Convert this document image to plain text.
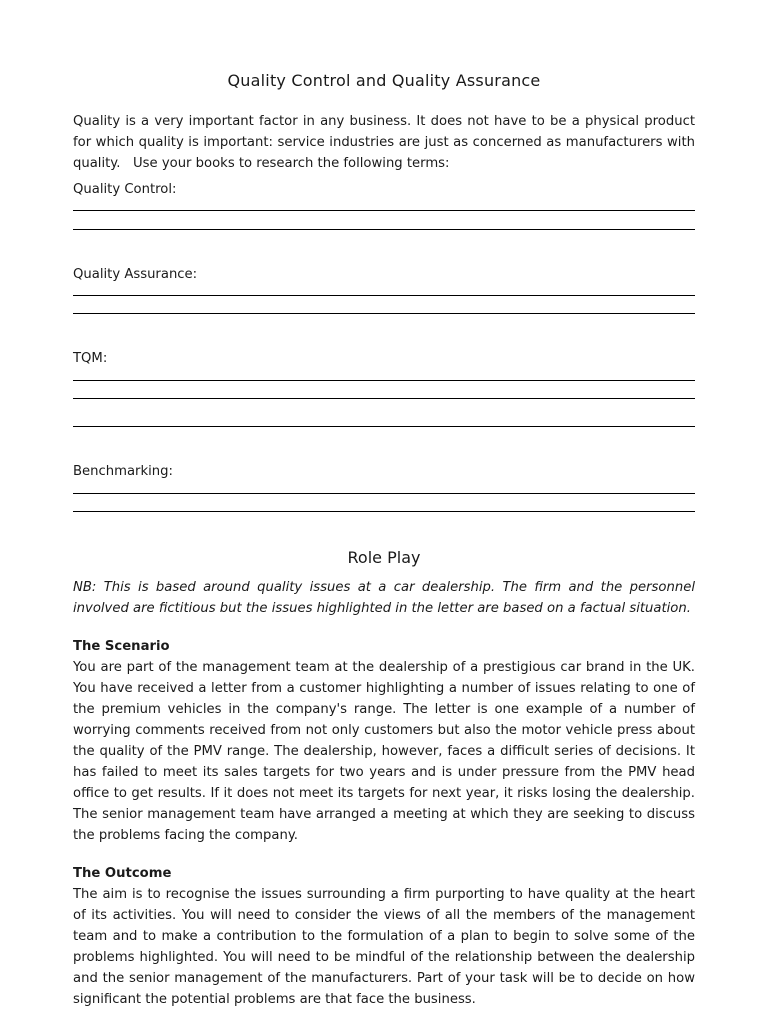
Quality Control and Quality Assurance

Quality is a very important factor in any business. It does not have to be a physical product for which quality is important: service industries are just as concerned as manufacturers with quality.   Use your books to research the following terms:

Quality Control:
Quality Assurance:
TQM:
Benchmarking:
Role Play

NB: This is based around quality issues at a car dealership. The firm and the personnel involved are fictitious but the issues highlighted in the letter are based on a factual situation.

The Scenario

You are part of the management team at the dealership of a prestigious car brand in the UK. You have received a letter from a customer highlighting a number of issues relating to one of the premium vehicles in the company's range. The letter is one example of a number of worrying comments received from not only customers but also the motor vehicle press about the quality of the PMV range. The dealership, however, faces a difficult series of decisions. It has failed to meet its sales targets for two years and is under pressure from the PMV head office to get results. If it does not meet its targets for next year, it risks losing the dealership. The senior management team have arranged a meeting at which they are seeking to discuss the problems facing the company.

The Outcome

The aim is to recognise the issues surrounding a firm purporting to have quality at the heart of its activities. You will need to consider the views of all the members of the management team and to make a contribution to the formulation of a plan to begin to solve some of the problems highlighted. You will need to be mindful of the relationship between the dealership and the senior management of the manufacturers. Part of your task will be to decide on how significant the potential problems are that face the business.
